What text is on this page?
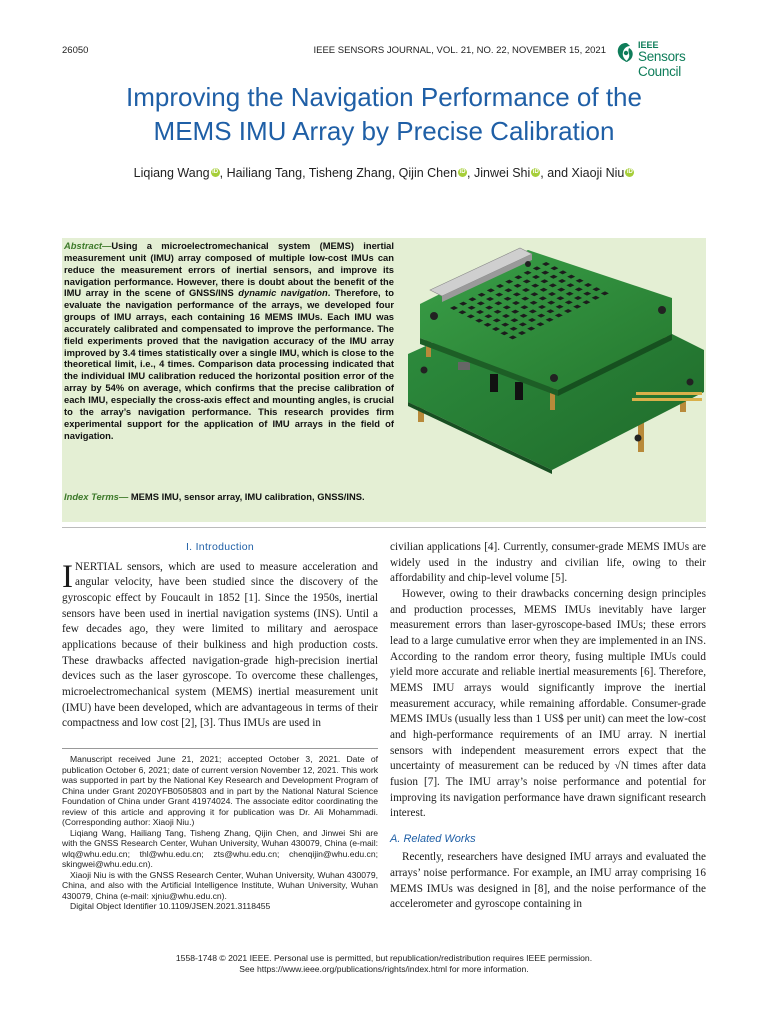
26050	IEEE SENSORS JOURNAL, VOL. 21, NO. 22, NOVEMBER 15, 2021	IEEE
Sensors Council
Improving the Navigation Performance of the
MEMS IMU Array by Precise Calibration
Liqiang Wang iD , Hailiang Tang, Tisheng Zhang, Qijin Chen iD , Jinwei Shi iD , and Xiaoji Niu iD
Abstract—Using a microelectromechanical system (MEMS) inertial measurement unit (IMU) array composed of multiple low-cost IMUs can reduce the measurement errors of inertial sensors, and improve its navigation performance. However, there is doubt about the benefit of the IMU array in the scene of GNSS/INS dynamic navigation. Therefore, to evaluate the navigation performance of the arrays, we developed four groups of IMU arrays, each containing 16 MEMS IMUs. Each IMU was accurately calibrated and compensated to improve the performance. The field experiments proved that the navigation accuracy of the IMU array improved by 3.4 times statistically over a single IMU, which is close to the theoretical limit, i.e., 4 times. Comparison data processing indicated that the individual IMU calibration reduced the horizontal position error of the array by 54% on average, which confirms that the precise calibration of each IMU, especially the cross-axis effect and mounting angles, is crucial to the array’s navigation performance. This research provides firm experimental support for the application of IMU arrays in the field of navigation.
Index Terms— MEMS IMU, sensor array, IMU calibration, GNSS/INS.
I. Introduction

INERTIAL sensors, which are used to measure acceleration and angular velocity, have been studied since the discovery of the gyroscopic effect by Foucault in 1852 [1]. Since the 1950s, inertial sensors have been used in inertial navigation systems (INS). Until a few decades ago, they were limited to military and aerospace applications because of their bulkiness and high production costs. These drawbacks affected navigation-grade high-precision inertial devices such as the laser gyroscope. To overcome these challenges, microelectromechanical system (MEMS) inertial measurement unit (IMU) have been developed, which are advantageous in terms of their compactness and low cost [2], [3]. Thus IMUs are used in

Manuscript received June 21, 2021; accepted October 3, 2021. Date of publication October 6, 2021; date of current version November 12, 2021. This work was supported in part by the National Key Research and Development Program of China under Grant 2020YFB0505803 and in part by the National Natural Science Foundation of China under Grant 41974024. The associate editor coordinating the review of this article and approving it for publication was Dr. Ali Mohammadi. (Corresponding author: Xiaoji Niu.)

Liqiang Wang, Hailiang Tang, Tisheng Zhang, Qijin Chen, and Jinwei Shi are with the GNSS Research Center, Wuhan University, Wuhan 430079, China (e-mail: wlq@whu.edu.cn; thl@whu.edu.cn; zts@whu.edu.cn; chenqijin@whu.edu.cn; skingwei@whu.edu.cn).

Xiaoji Niu is with the GNSS Research Center, Wuhan University, Wuhan 430079, China, and also with the Artificial Intelligence Institute, Wuhan University, Wuhan 430079, China (e-mail: xjniu@whu.edu.cn).

Digital Object Identifier 10.1109/JSEN.2021.3118455

civilian applications [4]. Currently, consumer-grade MEMS IMUs are widely used in the industry and civilian life, owing to their affordability and chip-level volume [5].

However, owing to their drawbacks concerning design principles and production processes, MEMS IMUs inevitably have larger measurement errors than laser-gyroscope-based IMUs; these errors lead to a large cumulative error when they are implemented in an INS. According to the random error theory, fusing multiple IMUs could yield more accurate and reliable inertial measurements [6]. Therefore, MEMS IMU arrays would significantly improve the inertial measurement accuracy, while remaining affordable. Consumer-grade MEMS IMUs (usually less than 1 US$ per unit) can meet the low-cost and high-performance requirements of an IMU array. N inertial sensors with independent measurement errors expect that the uncertainty of measurement can be reduced by √N times after data fusion [7]. The IMU array’s noise performance and potential for improving its navigation performance have drawn significant research interest.

A. Related Works

Recently, researchers have designed IMU arrays and evaluated the arrays’ noise performance. For example, an IMU array comprising 16 MEMS IMUs was designed in [8], and the noise performance of the accelerometer and gyroscope containing in

1558-1748 © 2021 IEEE. Personal use is permitted, but republication/redistribution requires IEEE permission.
See https://www.ieee.org/publications/rights/index.html for more information.
